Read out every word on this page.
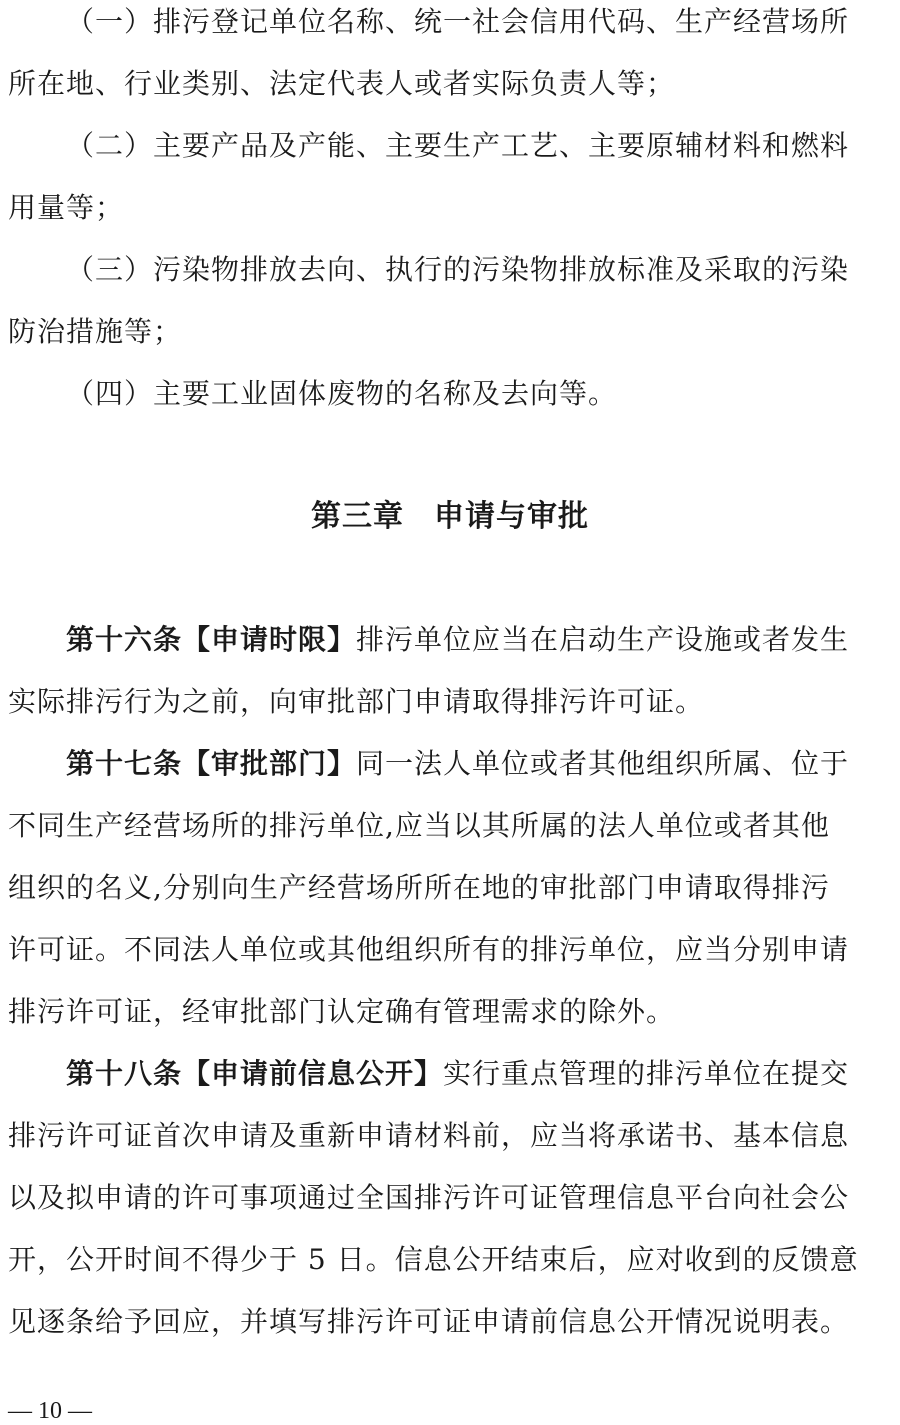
（一）排污登记单位名称、统一社会信用代码、生产经营场所
所在地、行业类别、法定代表人或者实际负责人等；
（二）主要产品及产能、主要生产工艺、主要原辅材料和燃料
用量等；
（三）污染物排放去向、执行的污染物排放标准及采取的污染
防治措施等；
（四）主要工业固体废物的名称及去向等。
第三章 申请与审批
第十六条【申请时限】排污单位应当在启动生产设施或者发生
实际排污行为之前，向审批部门申请取得排污许可证。
第十七条【审批部门】同一法人单位或者其他组织所属、位于
不同生产经营场所的排污单位,应当以其所属的法人单位或者其他
组织的名义,分别向生产经营场所所在地的审批部门申请取得排污
许可证。不同法人单位或其他组织所有的排污单位，应当分别申请
排污许可证，经审批部门认定确有管理需求的除外。
第十八条【申请前信息公开】实行重点管理的排污单位在提交
排污许可证首次申请及重新申请材料前，应当将承诺书、基本信息
以及拟申请的许可事项通过全国排污许可证管理信息平台向社会公
开，公开时间不得少于 5 日。信息公开结束后，应对收到的反馈意
见逐条给予回应，并填写排污许可证申请前信息公开情况说明表。
— 10 —
